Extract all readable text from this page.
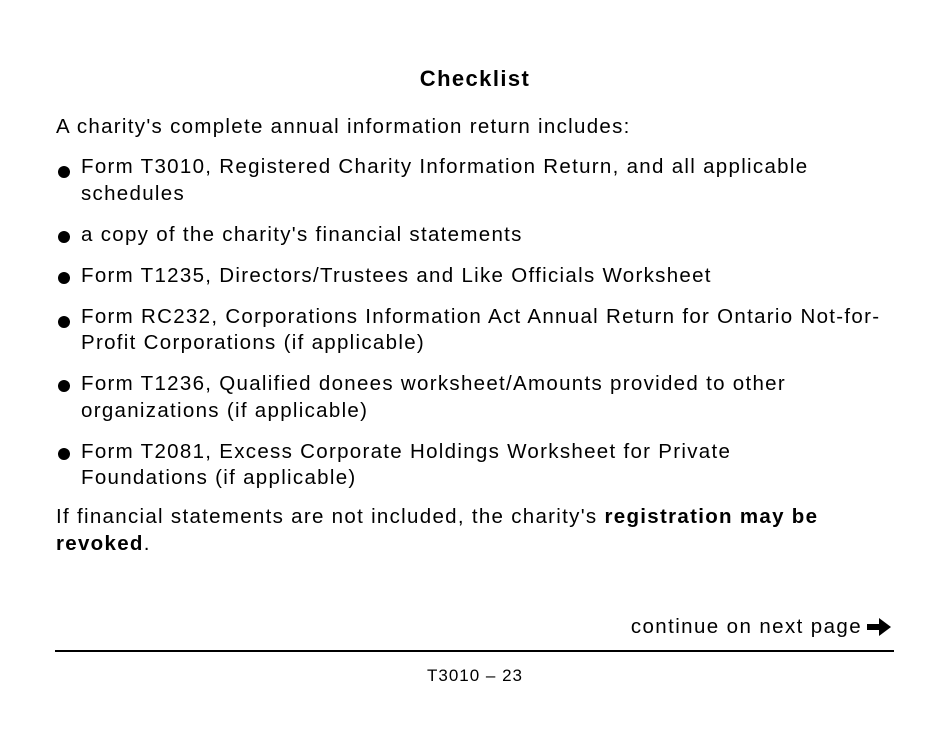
Checklist
A charity's complete annual information return includes:
Form T3010, Registered Charity Information Return, and all applicable schedules
a copy of the charity's financial statements
Form T1235, Directors/Trustees and Like Officials Worksheet
Form RC232, Corporations Information Act Annual Return for Ontario Not-for-Profit Corporations (if applicable)
Form T1236, Qualified donees worksheet/Amounts provided to other organizations (if applicable)
Form T2081, Excess Corporate Holdings Worksheet for Private Foundations (if applicable)
If financial statements are not included, the charity's registration may be revoked.
continue on next page
T3010 – 23
